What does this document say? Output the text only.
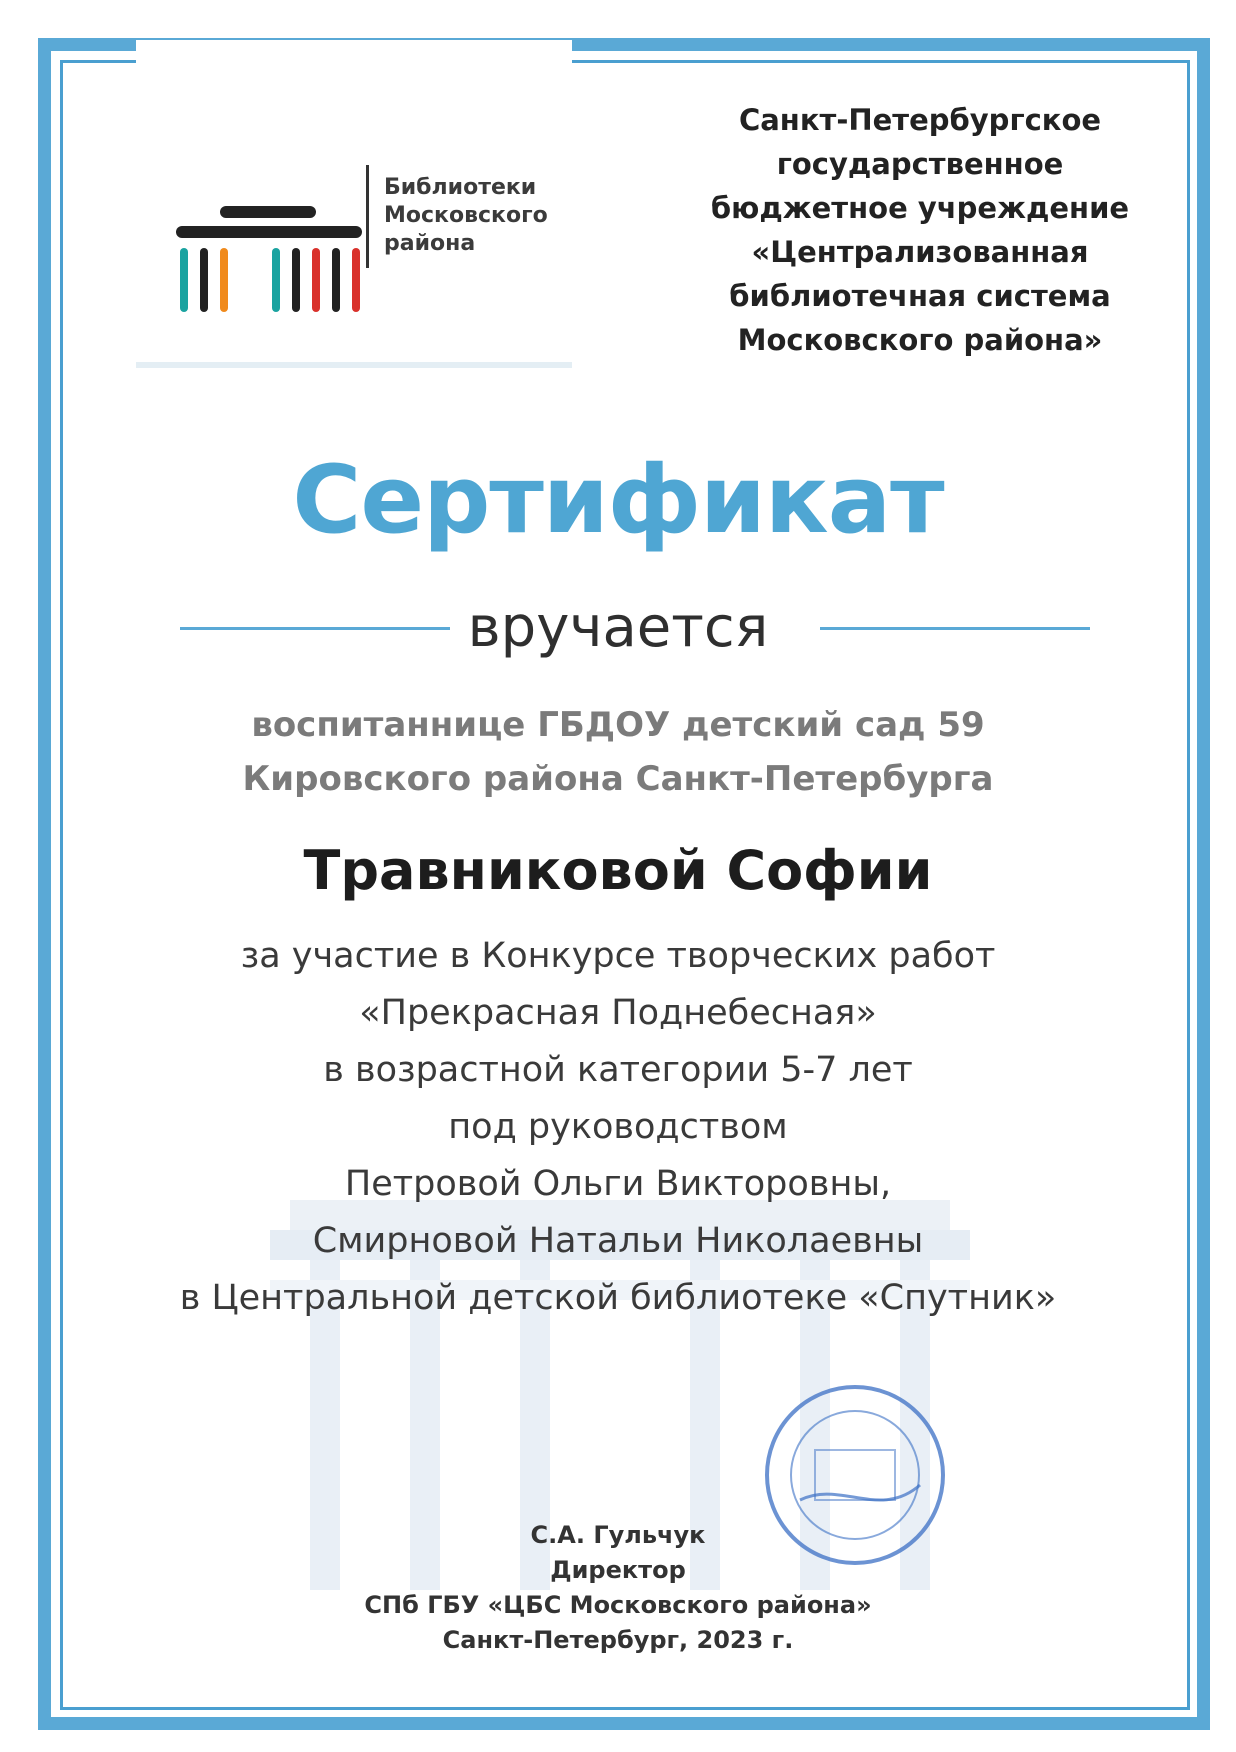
Библиотеки
Московского
района
Санкт-Петербургское
государственное
бюджетное учреждение
«Централизованная
библиотечная система
Московского района»
Сертификат
вручается
воспитаннице ГБДОУ детский сад 59
Кировского района Санкт-Петербурга
Травниковой Софии
за участие в Конкурсе творческих работ
«Прекрасная Поднебесная»
в возрастной категории 5-7 лет
под руководством
Петровой Ольги Викторовны,
Смирновой Натальи Николаевны
в Центральной детской библиотеке «Спутник»
С.А. Гульчук
Директор
СПб ГБУ «ЦБС Московского района»
Санкт-Петербург, 2023 г.
